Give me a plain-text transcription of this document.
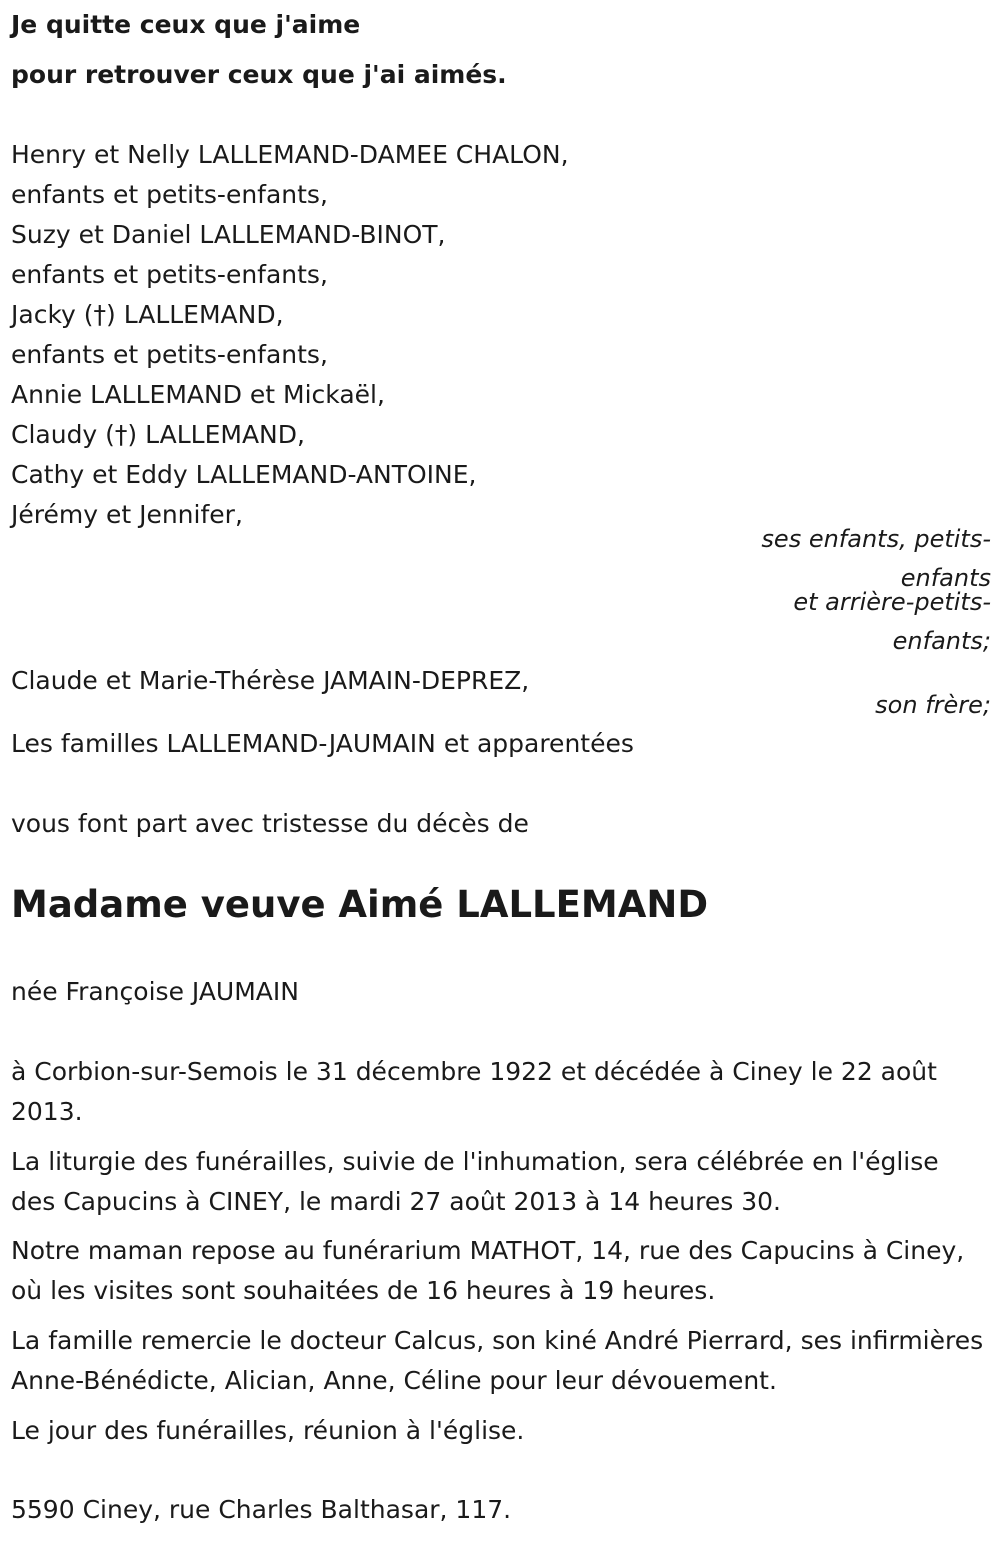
Je quitte ceux que j'aime

pour retrouver ceux que j'ai aimés.

Henry et Nelly LALLEMAND-DAMEE CHALON,

enfants et petits-enfants,

Suzy et Daniel LALLEMAND-BINOT,

enfants et petits-enfants,

Jacky (†) LALLEMAND,

enfants et petits-enfants,

Annie LALLEMAND et Mickaël,

Claudy (†) LALLEMAND,

Cathy et Eddy LALLEMAND-ANTOINE,

Jérémy et Jennifer,

ses enfants, petits-
enfants
et arrière-petits-
enfants;

Claude et Marie-Thérèse JAMAIN-DEPREZ,

son frère;

Les familles LALLEMAND-JAUMAIN et apparentées

vous font part avec tristesse du décès de

Madame veuve Aimé LALLEMAND

née Françoise JAUMAIN

à Corbion-sur-Semois le 31 décembre 1922 et décédée à Ciney le 22 août 2013.

La liturgie des funérailles, suivie de l'inhumation, sera célébrée en l'église des Capucins à CINEY, le mardi 27 août 2013 à 14 heures 30.

Notre maman repose au funérarium MATHOT, 14, rue des Capucins à Ciney, où les visites sont souhaitées de 16 heures à 19 heures.

La famille remercie le docteur Calcus, son kiné André Pierrard, ses infirmières Anne-Bénédicte, Alician, Anne, Céline pour leur dévouement.

Le jour des funérailles, réunion à l'église.

5590 Ciney, rue Charles Balthasar, 117.
